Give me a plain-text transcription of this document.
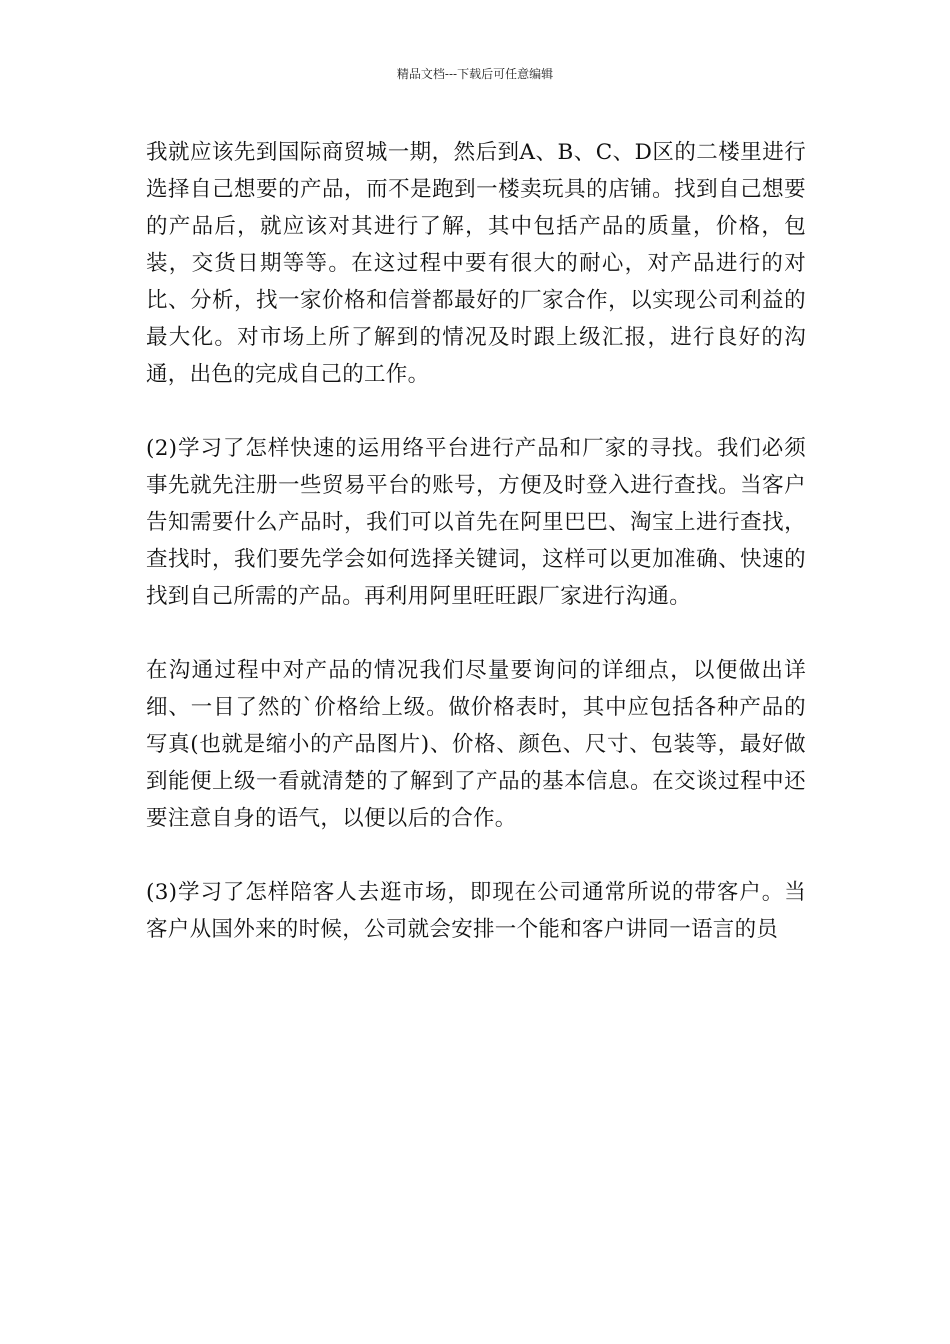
精品文档---下载后可任意编辑

我就应该先到国际商贸城一期，然后到A、B、C、D区的二楼里进行选择自己想要的产品，而不是跑到一楼卖玩具的店铺。找到自己想要的产品后，就应该对其进行了解，其中包括产品的质量，价格，包装，交货日期等等。在这过程中要有很大的耐心，对产品进行的对比、分析，找一家价格和信誉都最好的厂家合作，以实现公司利益的最大化。对市场上所了解到的情况及时跟上级汇报，进行良好的沟通，出色的完成自己的工作。

(2)学习了怎样快速的运用络平台进行产品和厂家的寻找。我们必须事先就先注册一些贸易平台的账号，方便及时登入进行查找。当客户告知需要什么产品时，我们可以首先在阿里巴巴、淘宝上进行查找，查找时，我们要先学会如何选择关键词，这样可以更加准确、快速的找到自己所需的产品。再利用阿里旺旺跟厂家进行沟通。

在沟通过程中对产品的情况我们尽量要询问的详细点，以便做出详细、一目了然的`价格给上级。做价格表时，其中应包括各种产品的写真(也就是缩小的产品图片)、价格、颜色、尺寸、包装等，最好做到能便上级一看就清楚的了解到了产品的基本信息。在交谈过程中还要注意自身的语气，以便以后的合作。

(3)学习了怎样陪客人去逛市场，即现在公司通常所说的带客户。当客户从国外来的时候，公司就会安排一个能和客户讲同一语言的员
